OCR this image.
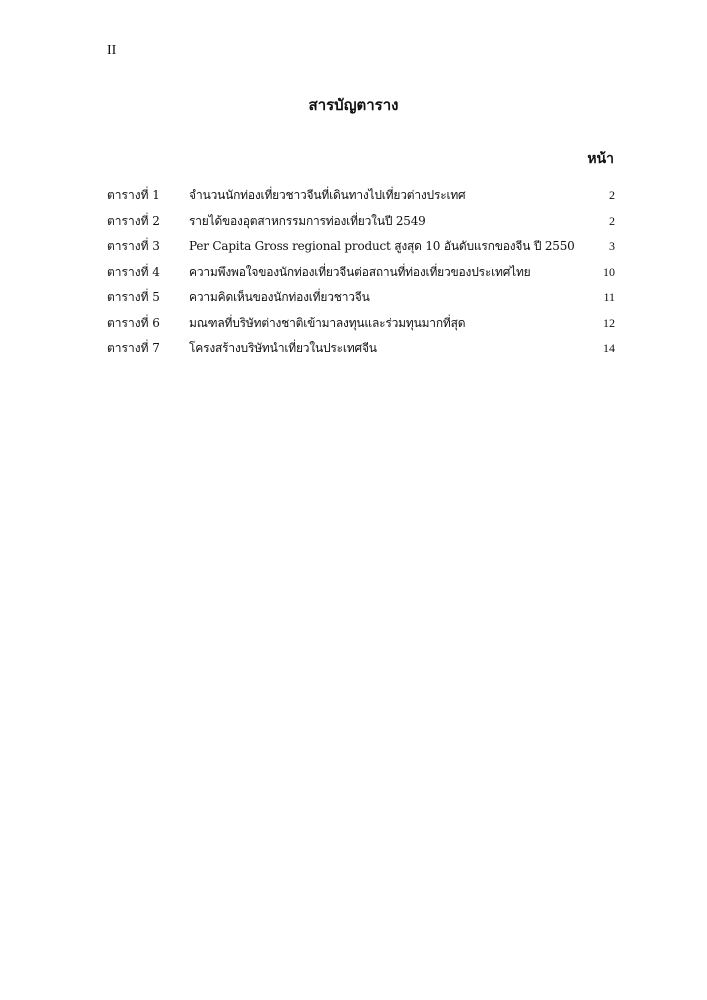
II
สารบัญตาราง
หน้า
ตารางที่ 1	จำนวนนักท่องเที่ยวชาวจีนที่เดินทางไปเที่ยวต่างประเทศ	2
ตารางที่ 2	รายได้ของอุตสาหกรรมการท่องเที่ยวในปี 2549	2
ตารางที่ 3	Per Capita Gross regional product สูงสุด 10 อันดับแรกของจีน ปี 2550	3
ตารางที่ 4	ความพึงพอใจของนักท่องเที่ยวจีนต่อสถานที่ท่องเที่ยวของประเทศไทย	10
ตารางที่ 5	ความคิดเห็นของนักท่องเที่ยวชาวจีน	11
ตารางที่ 6	มณฑลที่บริษัทต่างชาติเข้ามาลงทุนและร่วมทุนมากที่สุด	12
ตารางที่ 7	โครงสร้างบริษัทนำเที่ยวในประเทศจีน	14
